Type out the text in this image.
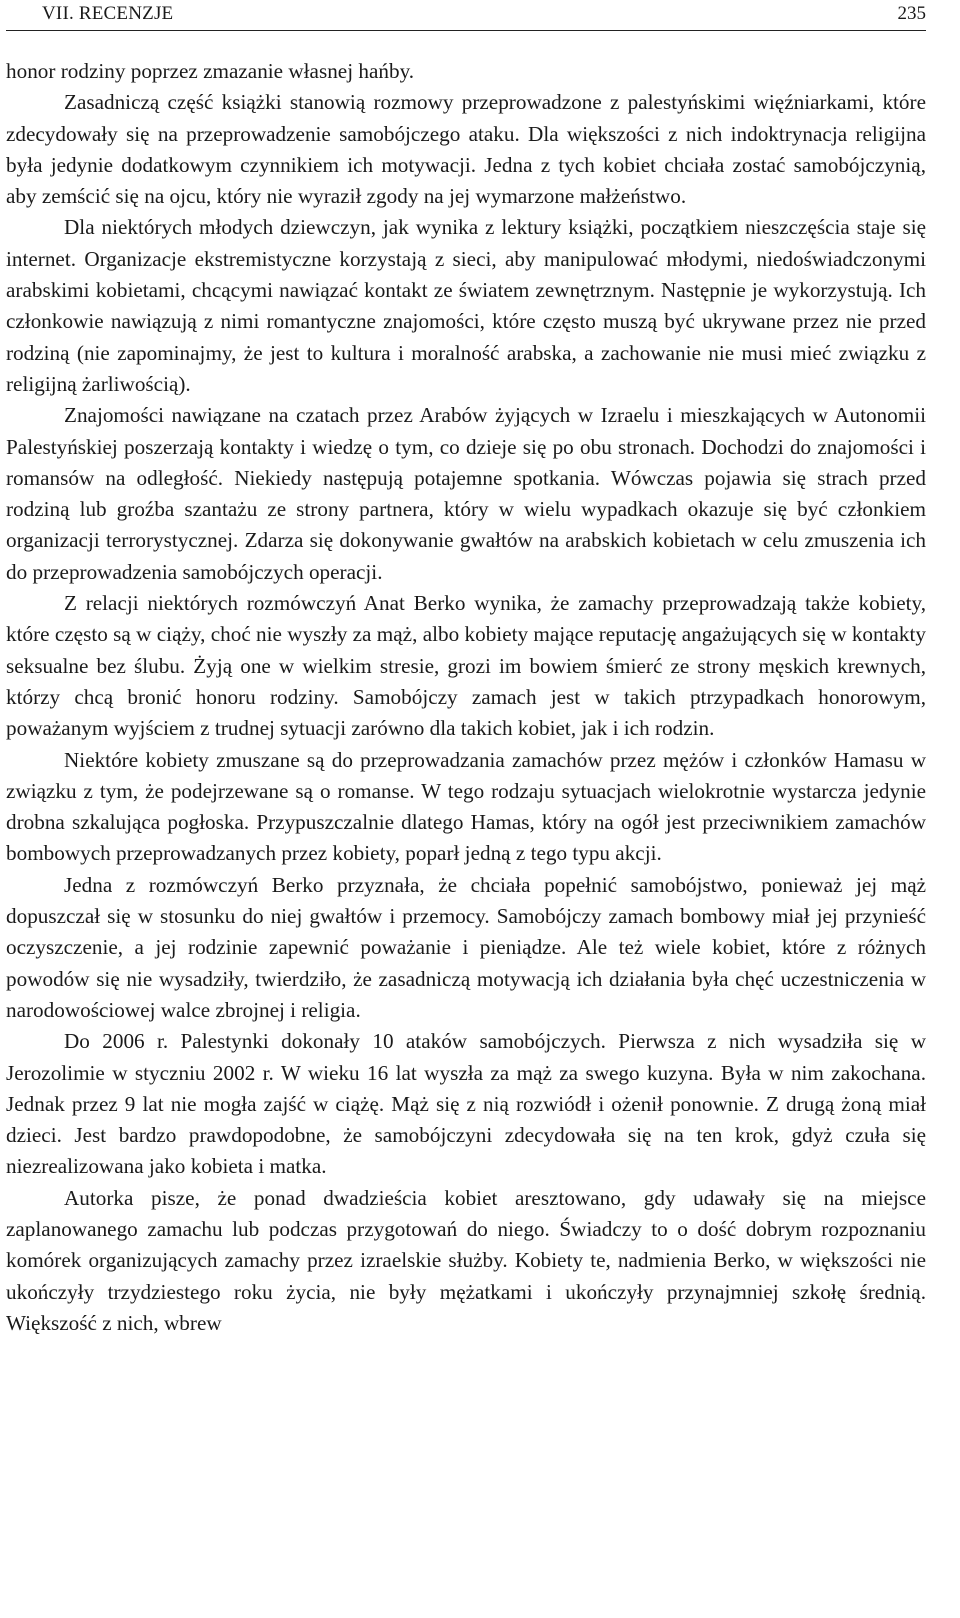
VII. RECENZJE	235

honor rodziny poprzez zmazanie własnej hańby.

Zasadniczą część książki stanowią rozmowy przeprowadzone z palestyńskimi więźniarkami, które zdecydowały się na przeprowadzenie samobójczego ataku. Dla większości z nich indoktrynacja religijna była jedynie dodatkowym czynnikiem ich motywacji. Jedna z tych kobiet chciała zostać samobójczynią, aby zemścić się na ojcu, który nie wyraził zgody na jej wymarzone małżeństwo.

Dla niektórych młodych dziewczyn, jak wynika z lektury książki, początkiem nieszczęścia staje się internet. Organizacje ekstremistyczne korzystają z sieci, aby manipulować młodymi, niedoświadczonymi arabskimi kobietami, chcącymi nawiązać kontakt ze światem zewnętrznym. Następnie je wykorzystują. Ich członkowie nawiązują z nimi romantyczne znajomości, które często muszą być ukrywane przez nie przed rodziną (nie zapominajmy, że jest to kultura i moralność arabska, a zachowanie nie musi mieć związku z religijną żarliwością).

Znajomości nawiązane na czatach przez Arabów żyjących w Izraelu i mieszkających w Autonomii Palestyńskiej poszerzają kontakty i wiedzę o tym, co dzieje się po obu stronach. Dochodzi do znajomości i romansów na odległość. Niekiedy następują potajemne spotkania. Wówczas pojawia się strach przed rodziną lub groźba szantażu ze strony partnera, który w wielu wypadkach okazuje się być członkiem organizacji terrorystycznej. Zdarza się dokonywanie gwałtów na arabskich kobietach w celu zmuszenia ich do przeprowadzenia samobójczych operacji.

Z relacji niektórych rozmówczyń Anat Berko wynika, że zamachy przeprowadzają także kobiety, które często są w ciąży, choć nie wyszły za mąż, albo kobiety mające reputację angażujących się w kontakty seksualne bez ślubu. Żyją one w wielkim stresie, grozi im bowiem śmierć ze strony męskich krewnych, którzy chcą bronić honoru rodziny. Samobójczy zamach jest w takich ptrzypadkach honorowym, poważanym wyjściem z trudnej sytuacji zarówno dla takich kobiet, jak i ich rodzin.

Niektóre kobiety zmuszane są do przeprowadzania zamachów przez mężów i członków Hamasu w związku z tym, że podejrzewane są o romanse. W tego rodzaju sytuacjach wielokrotnie wystarcza jedynie drobna szkalująca pogłoska. Przypuszczalnie dlatego Hamas, który na ogół jest przeciwnikiem zamachów bombowych przeprowadzanych przez kobiety, poparł jedną z tego typu akcji.

Jedna z rozmówczyń Berko przyznała, że chciała popełnić samobójstwo, ponieważ jej mąż dopuszczał się w stosunku do niej gwałtów i przemocy. Samobójczy zamach bombowy miał jej przynieść oczyszczenie, a jej rodzinie zapewnić poważanie i pieniądze. Ale też wiele kobiet, które z różnych powodów się nie wysadziły, twierdziło, że zasadniczą motywacją ich działania była chęć uczestniczenia w narodowościowej walce zbrojnej i religia.

Do 2006 r. Palestynki dokonały 10 ataków samobójczych. Pierwsza z nich wysadziła się w Jerozolimie w styczniu 2002 r. W wieku 16 lat wyszła za mąż za swego kuzyna. Była w nim zakochana. Jednak przez 9 lat nie mogła zajść w ciążę. Mąż się z nią rozwiódł i ożenił ponownie. Z drugą żoną miał dzieci. Jest bardzo prawdopodobne, że samobójczyni zdecydowała się na ten krok, gdyż czuła się niezrealizowana jako kobieta i matka.

Autorka pisze, że ponad dwadzieścia kobiet aresztowano, gdy udawały się na miejsce zaplanowanego zamachu lub podczas przygotowań do niego. Świadczy to o dość dobrym rozpoznaniu komórek organizujących zamachy przez izraelskie służby. Kobiety te, nadmienia Berko, w większości nie ukończyły trzydziestego roku życia, nie były mężatkami i ukończyły przynajmniej szkołę średnią. Większość z nich, wbrew
